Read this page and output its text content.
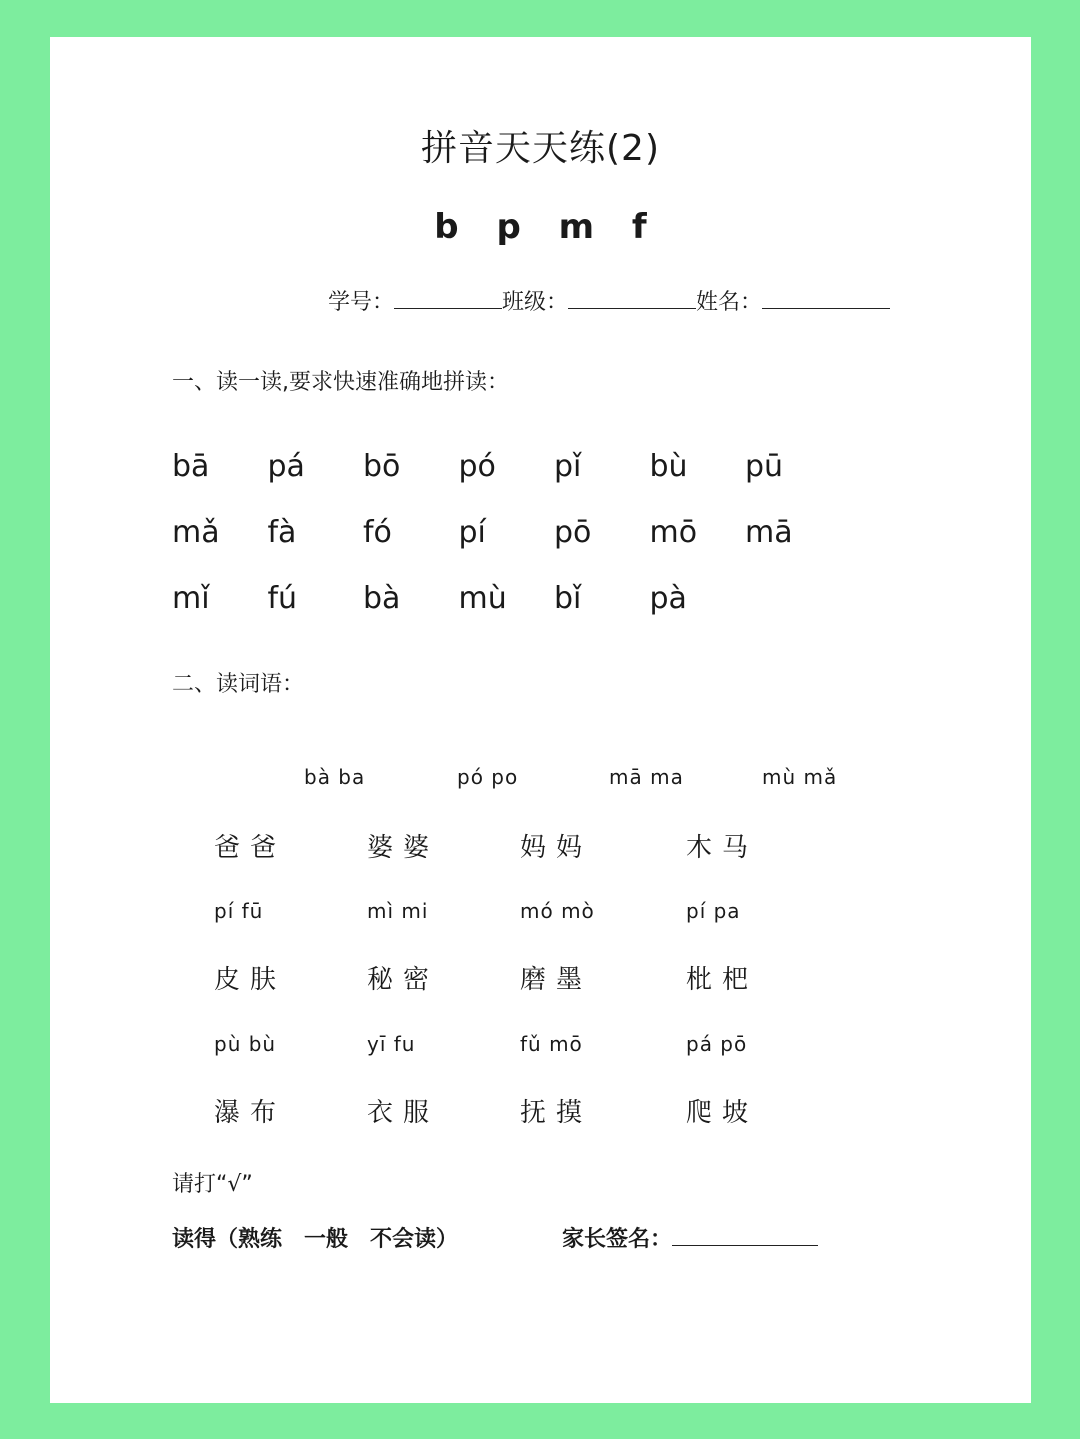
拼音天天练(2)
b p m f
学号：	班级：	姓名：
一、读一读,要求快速准确地拼读：
bā pá bō pó pǐ bù pū
mǎ fà fó pí pō mō mā
mǐ fú bà mù bǐ pà
二、读词语：
bà ba	pó po	mā ma	mù mǎ
爸爸	婆婆	妈妈	木马
pí fū	mì mi	mó mò	pí pa
皮肤	秘密	磨墨	枇杷
pù bù	yī fu	fǔ mō	pá pō
瀑布	衣服	抚摸	爬坡
请打“√”
读得（熟练　一般　不会读）	家长签名：
